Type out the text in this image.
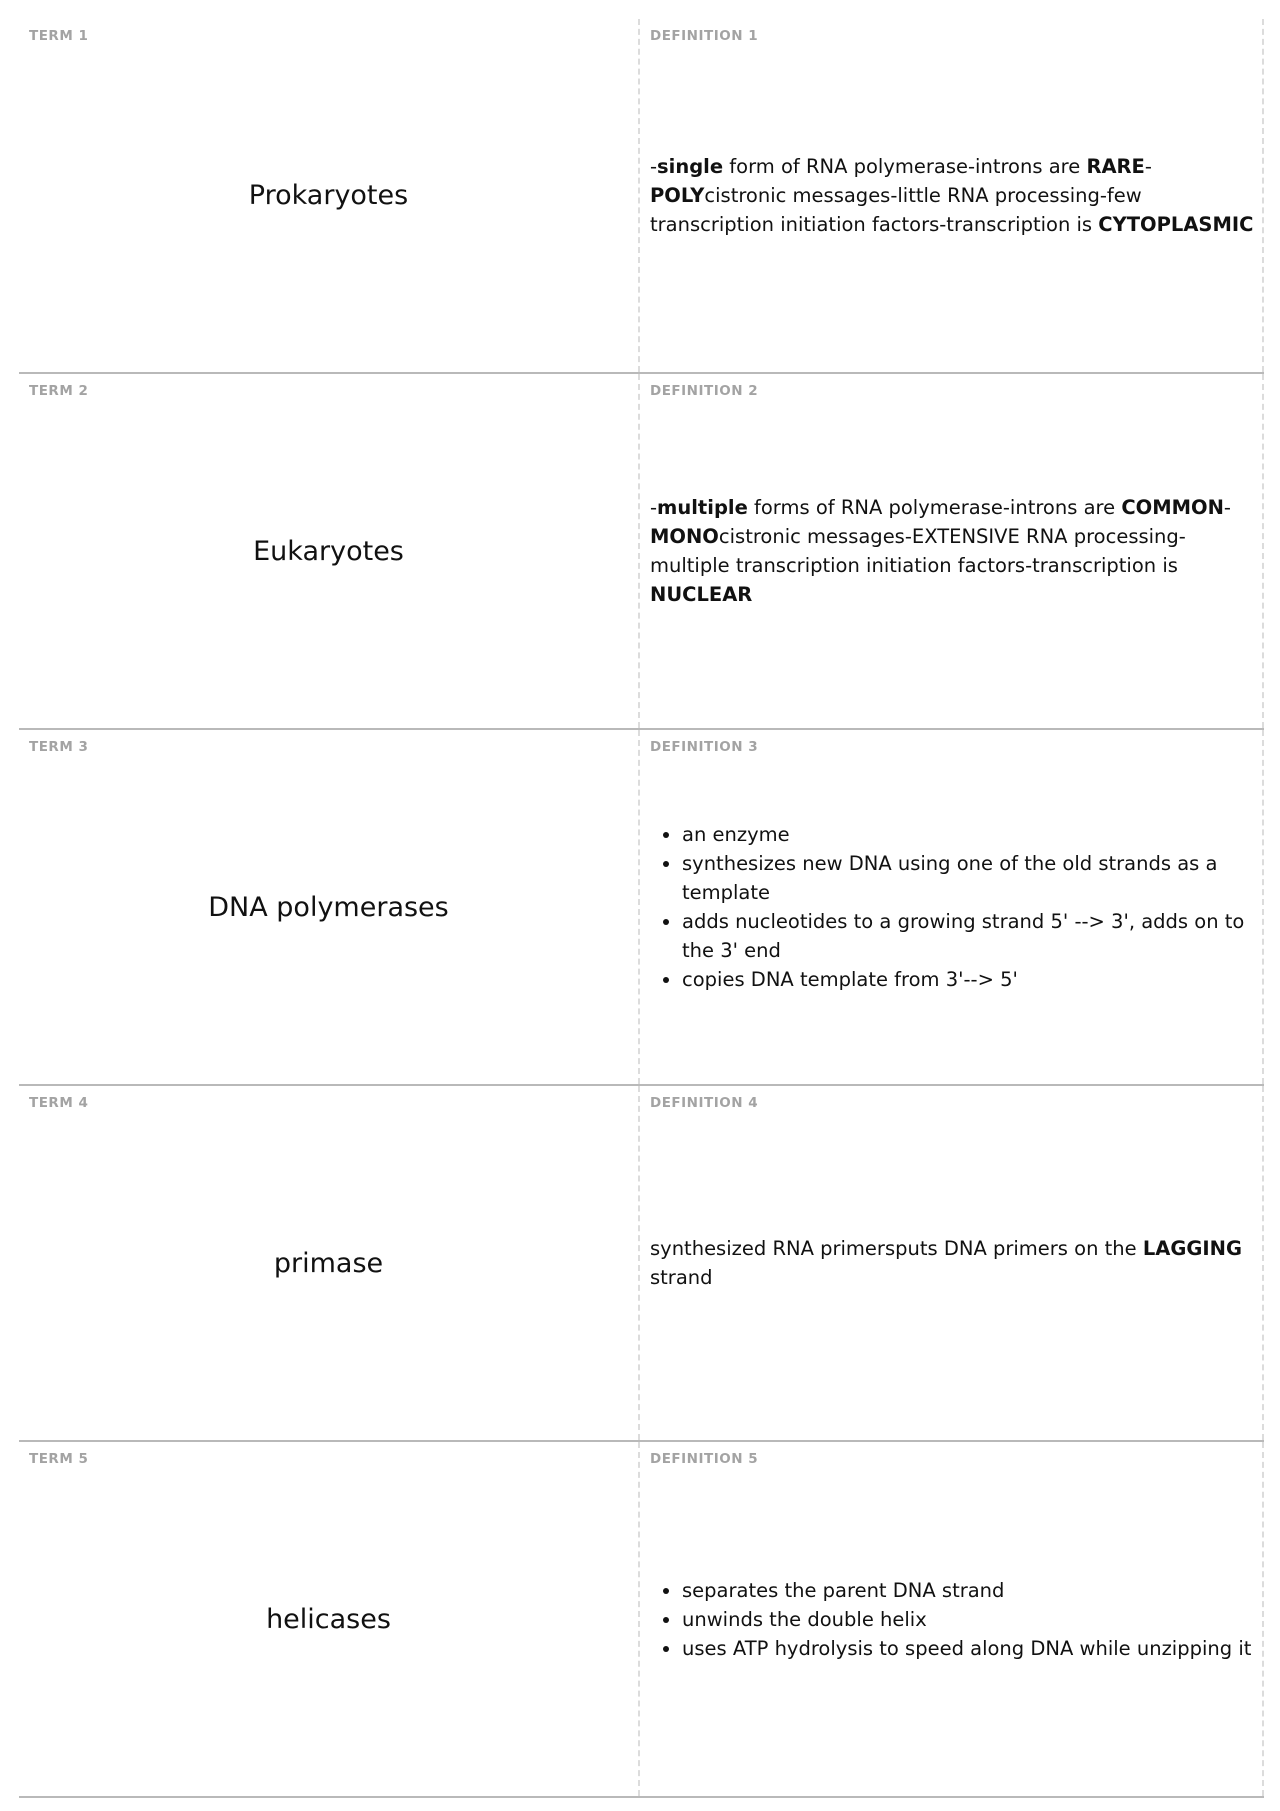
TERM 1
Prokaryotes
DEFINITION 1

-single form of RNA polymerase-introns are RARE-POLYcistronic messages-little RNA processing-few transcription initiation factors-transcription is CYTOPLASMIC

TERM 2
Eukaryotes
DEFINITION 2

-multiple forms of RNA polymerase-introns are COMMON-MONOcistronic messages-EXTENSIVE RNA processing-multiple transcription initiation factors-transcription is NUCLEAR

TERM 3
DNA polymerases
DEFINITION 3
• an enzyme
• synthesizes new DNA using one of the old strands as a template
• adds nucleotides to a growing strand 5' --> 3', adds on to the 3' end
• copies DNA template from 3'--> 5'
TERM 4
primase
DEFINITION 4

synthesized RNA primersputs DNA primers on the LAGGING strand

TERM 5
helicases
DEFINITION 5
• separates the parent DNA strand
• unwinds the double helix
• uses ATP hydrolysis to speed along DNA while unzipping it
